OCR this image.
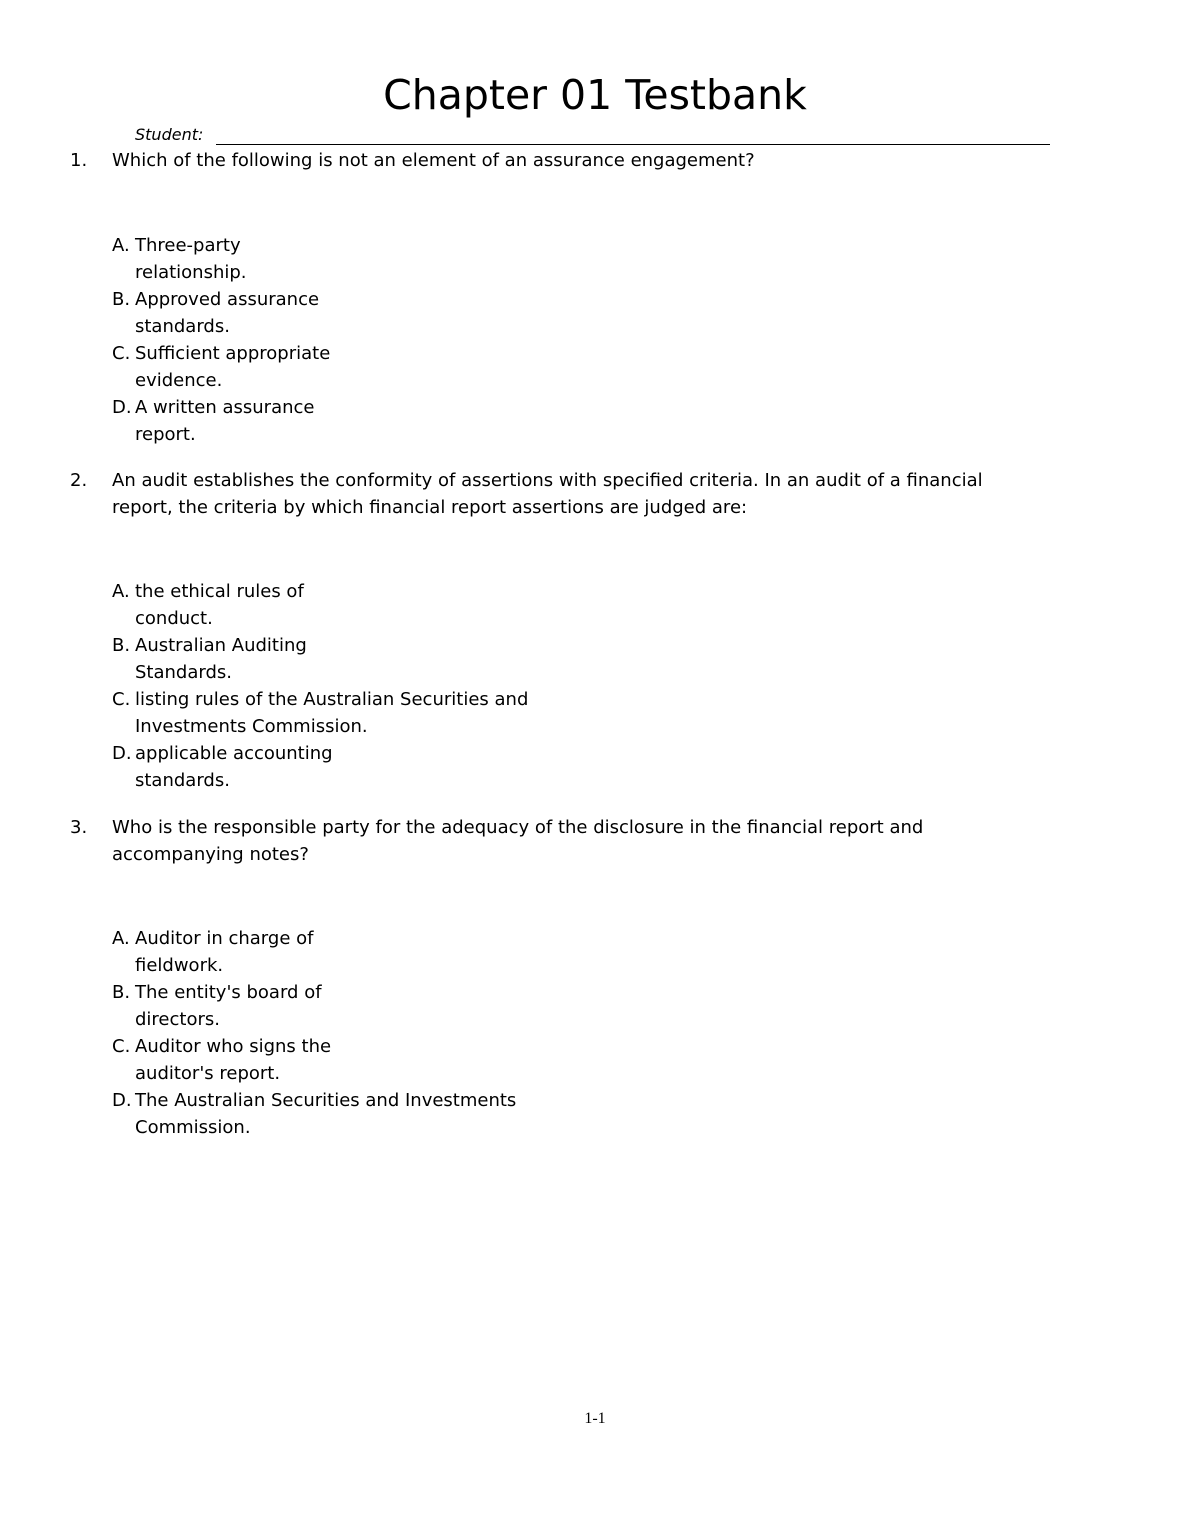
Chapter 01 Testbank
Student:
1. Which of the following is not an element of an assurance engagement?
A. Three-party
relationship.
B. Approved assurance
standards.
C. Sufficient appropriate
evidence.
D. A written assurance
report.
2. An audit establishes the conformity of assertions with specified criteria. In an audit of a financial
report, the criteria by which financial report assertions are judged are:
A. the ethical rules of
conduct.
B. Australian Auditing
Standards.
C. listing rules of the Australian Securities and
Investments Commission.
D. applicable accounting
standards.
3. Who is the responsible party for the adequacy of the disclosure in the financial report and
accompanying notes?
A. Auditor in charge of
fieldwork.
B. The entity's board of
directors.
C. Auditor who signs the
auditor's report.
D. The Australian Securities and Investments
Commission.
1-1
